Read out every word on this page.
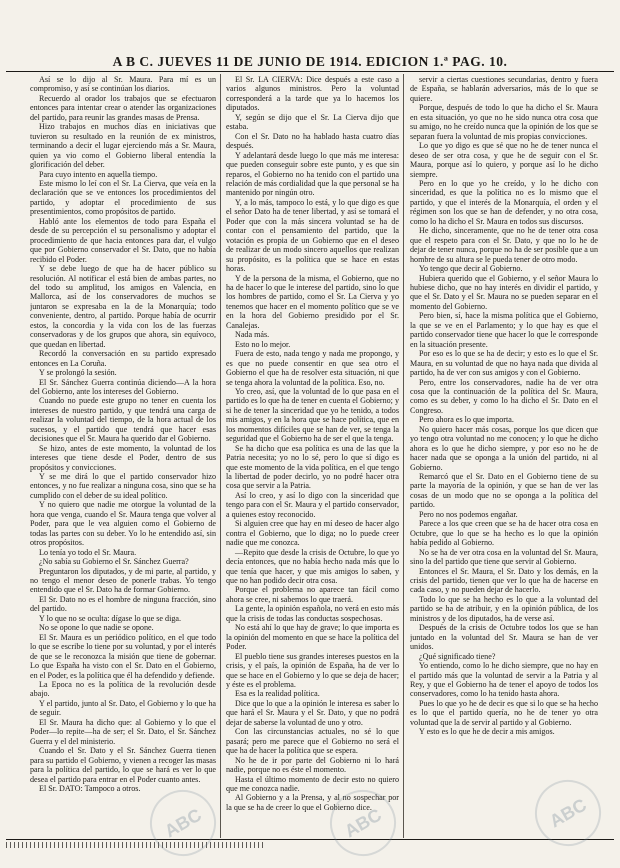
A B C. JUEVES 11 DE JUNIO DE 1914. EDICION 1.ª PAG. 10.

Así se lo dijo al Sr. Maura. Para mí es un compromiso, y así se continúan los diarios.

Recuerdo al orador los trabajos que se efectuaron entonces para intentar crear o atender las organizaciones del partido, para reunir las grandes masas de Prensa.

Hizo trabajos en muchos días en iniciativas que tuvieron su resultado en la reunión de ex ministros, terminando a decir el lugar ejerciendo más a Sr. Maura, quien ya vio como el Gobierno liberal entendía la glorificación del deber.

Para cuyo intento en aquella tiempo.

Este mismo lo leí con el Sr. La Cierva, que veía en la declaración que se ve entonces los procedimientos del partido, y adoptar el procedimiento de sus presentimientos, como propósitos de partido.

Habló ante los elementos de todo para España el desde de su percepción el su personalismo y adoptar el procedimiento de que hacia entonces para dar, el vulgo que por Gobierno conservador el Sr. Dato, que no había recibido el Poder.

Y se debe luego de que ha de hacer público su resolución. Al notificar el está bien de ambas partes, no del todo su amplitud, los amigos en Valencia, en Mallorca, así de los conservadores de muchos se juntaron se expresaba en la de la Monarquía; todo conveniente, dentro, al partido. Porque había de ocurrir estos, la concordia y la vida con los de las fuerzas conservadoras y de los grupos que ahora, sin equívoco, que quedan en libertad.

Recordó la conversación en su partido expresado entonces en La Coruña.

Y se prolongó la sesión.

El Sr. Sánchez Guerra continúa diciendo—A la hora del Gobierno, ante los intereses del Gobierno.

Cuando no puede este grupo no tener en cuenta los intereses de nuestro partido, y que tendrá una carga de realizar la voluntad del tiempo, de la hora actual de los sucesos, y el partido que tendrá que hacer esas decisiones que el Sr. Maura ha querido dar el Gobierno.

Se hizo, antes de este momento, la voluntad de los intereses que tiene desde el Poder, dentro de sus propósitos y convicciones.

Y se me dirá lo que el partido conservador hizo entonces, y no fue realizar a ninguna cosa, sino que se ha cumplido con el deber de su ideal político.

Y no quiero que nadie me otorgue la voluntad de la hora que venga, cuando el Sr. Maura tenga que volver al Poder, para que le vea alguien como el Gobierno de todas las partes con su deber. Yo lo he entendido así, sin otros propósitos.

Lo tenía yo todo el Sr. Maura.

¿No sabía su Gobierno el Sr. Sánchez Guerra?

Preguntaron los diputados, y de mi parte, al partido, y no tengo el menor deseo de ponerle trabas. Yo tengo entendido que el Sr. Dato ha de formar Gobierno.

El Sr. Dato no es el hombre de ninguna fracción, sino del partido.

Y lo que no se oculta: dígase lo que se diga.

No se opone lo que nadie se opone.

El Sr. Maura es un periódico político, en el que todo lo que se escribe lo tiene por su voluntad, y por el interés de que se le reconozca la misión que tiene de gobernar. Lo que España ha visto con el Sr. Dato en el Gobierno, en el Poder, es la política que él ha defendido y defiende.

La Epoca no es la política de la revolución desde abajo.

Y el partido, junto al Sr. Dato, el Gobierno y lo que ha de seguir.

El Sr. Maura ha dicho que: al Gobierno y lo que el Poder—lo repite—ha de ser; el Sr. Dato, el Sr. Sánchez Guerra y el del ministerio.

Cuando el Sr. Dato y el Sr. Sánchez Guerra tienen para su partido el Gobierno, y vienen a recoger las masas para la política del partido, lo que se hará es ver lo que desea el partido para entrar en el Poder cuanto antes.

El Sr. DATO: Tampoco a otros.

El Sr. LA CIERVA: Dice después a este caso a varios algunos ministros. Pero la voluntad corresponderá a la tarde que ya lo hacemos los diputados.

Y, según se dijo que el Sr. La Cierva dijo que estaba.

Con el Sr. Dato no ha hablado hasta cuatro días después.

Y adelantará desde luego lo que más me interesa: que pueden conseguir sobre este punto, y es que sin reparos, el Gobierno no ha tenido con el partido una relación de más cordialidad que la que personal se ha mantenido por ningún otro.

Y, a lo más, tampoco lo está, y lo que digo es que el señor Dato ha de tener libertad, y así se tomará el Poder que con la más sincera voluntad se ha de contar con el pensamiento del partido, que la votación es propia de un Gobierno que en el deseo de realizar de un modo sincero aquellos que realizan su propósito, es la política que se hace en estas horas.

Y de la persona de la misma, el Gobierno, que no ha de hacer lo que le interese del partido, sino lo que los hombres de partido, como el Sr. La Cierva y yo tenemos que hacer en el momento político que se ve en la hora del Gobierno presidido por el Sr. Canalejas.

Nada más.

Esto no lo mejor.

Fuera de esto, nada tengo y nada me propongo, y es que no puede consentir en que sea otro el Gobierno el que ha de resolver esta situación, ni que se tenga ahora la voluntad de la política. Eso, no.

Yo creo, así, que la voluntad de lo que pasa en el partido es lo que ha de tener en cuenta el Gobierno; y si he de tener la sinceridad que yo he tenido, a todos mis amigos, y en la hora que se hace política, que en los momentos difíciles que se han de ver, se tenga la seguridad que el Gobierno ha de ser el que la tenga.

Se ha dicho que esa política es una de las que la Patria necesita; yo no lo sé, pero lo que sí digo es que este momento de la vida política, en el que tengo la libertad de poder decirlo, yo no podré hacer otra cosa que servir a la Patria.

Así lo creo, y así lo digo con la sinceridad que tengo para con el Sr. Maura y el partido conservador, a quienes estoy reconocido.

Si alguien cree que hay en mí deseo de hacer algo contra el Gobierno, que lo diga; no lo puede creer nadie que me conozca.

—Repito que desde la crisis de Octubre, lo que yo decía entonces, que no había hecho nada más que lo que tenía que hacer, y que mis amigos lo saben, y que no han podido decir otra cosa.

Porque el problema no aparece tan fácil como ahora se cree, ni sabemos lo que traerá.

La gente, la opinión española, no verá en esto más que la crisis de todas las conductas sospechosas.

No está ahí lo que hay de grave; lo que importa es la opinión del momento en que se hace la política del Poder.

El pueblo tiene sus grandes intereses puestos en la crisis, y el país, la opinión de España, ha de ver lo que se hace en el Gobierno y lo que se deja de hacer; y éste es el problema.

Esa es la realidad política.

Dice que lo que a la opinión le interesa es saber lo que hará el Sr. Maura y el Sr. Dato, y que no podrá dejar de saberse la voluntad de uno y otro.

Con las circunstancias actuales, no sé lo que pasará; pero me parece que el Gobierno no será el que ha de hacer la política que se espera.

No he de ir por parte del Gobierno ni lo hará nadie, porque no es éste el momento.

Hasta el último momento de decir esto no quiero que me conozca nadie.

Al Gobierno y a la Prensa, y al no sospechar por la que se ha de creer lo que el Gobierno dice.

servir a ciertas cuestiones secundarias, dentro y fuera de España, se hablarán adversarios, más de lo que se quiere.

Porque, después de todo lo que ha dicho el Sr. Maura en esta situación, yo que no he sido nunca otra cosa que su amigo, no he creído nunca que la opinión de los que se separan fuera la voluntad de mis propias convicciones.

Lo que yo digo es que sé que no he de tener nunca el deseo de ser otra cosa, y que he de seguir con el Sr. Maura, porque así lo quiero, y porque así lo he dicho siempre.

Pero en lo que yo he creído, y lo he dicho con sinceridad, es que la política no es lo mismo que el partido, y que el interés de la Monarquía, el orden y el régimen son los que se han de defender, y no otra cosa, como lo ha dicho el Sr. Maura en todos sus discursos.

He dicho, sinceramente, que no he de tener otra cosa que el respeto para con el Sr. Dato, y que no lo he de dejar de tener nunca, porque no ha de ser posible que a un hombre de su altura se le pueda tener de otro modo.

Yo tengo que decir al Gobierno.

Hubiera querido que el Gobierno, y el señor Maura lo hubiese dicho, que no hay interés en dividir el partido, y que el Sr. Dato y el Sr. Maura no se pueden separar en el momento del Gobierno.

Pero bien, sí, hace la misma política que el Gobierno, la que se ve en el Parlamento; y lo que hay es que el partido conservador tiene que hacer lo que le corresponde en la situación presente.

Por eso es lo que se ha de decir; y esto es lo que el Sr. Maura, en su voluntad de que no haya nada que divida al partido, ha de ver con sus amigos y con el Gobierno.

Pero, entre los conservadores, nadie ha de ver otra cosa que la continuación de la política del Sr. Maura, como es su deber, y como lo ha dicho el Sr. Dato en el Congreso.

Pero ahora es lo que importa.

No quiero hacer más cosas, porque los que dicen que yo tengo otra voluntad no me conocen; y lo que he dicho ahora es lo que he dicho siempre, y por eso no he de hacer nada que se oponga a la unión del partido, ni al Gobierno.

Remarcó que el Sr. Dato en el Gobierno tiene de su parte la mayoría de la opinión, y que se han de ver las cosas de un modo que no se oponga a la política del partido.

Pero no nos podemos engañar.

Parece a los que creen que se ha de hacer otra cosa en Octubre, que lo que se ha hecho es lo que la opinión había pedido al Gobierno.

No se ha de ver otra cosa en la voluntad del Sr. Maura, sino la del partido que tiene que servir al Gobierno.

Entonces el Sr. Maura, el Sr. Dato y los demás, en la crisis del partido, tienen que ver lo que ha de hacerse en cada caso, y no pueden dejar de hacerlo.

Todo lo que se ha hecho es lo que a la voluntad del partido se ha de atribuir, y en la opinión pública, de los ministros y de los diputados, ha de verse así.

Después de la crisis de Octubre todos los que se han juntado en la voluntad del Sr. Maura se han de ver unidos.

¿Qué significado tiene?

Yo entiendo, como lo he dicho siempre, que no hay en el partido más que la voluntad de servir a la Patria y al Rey, y que el Gobierno ha de tener el apoyo de todos los conservadores, como lo ha tenido hasta ahora.

Pues lo que yo he de decir es que si lo que se ha hecho es lo que el partido quería, no he de tener yo otra voluntad que la de servir al partido y al Gobierno.

Y esto es lo que he de decir a mis amigos.

ABC	ABC	ABC
